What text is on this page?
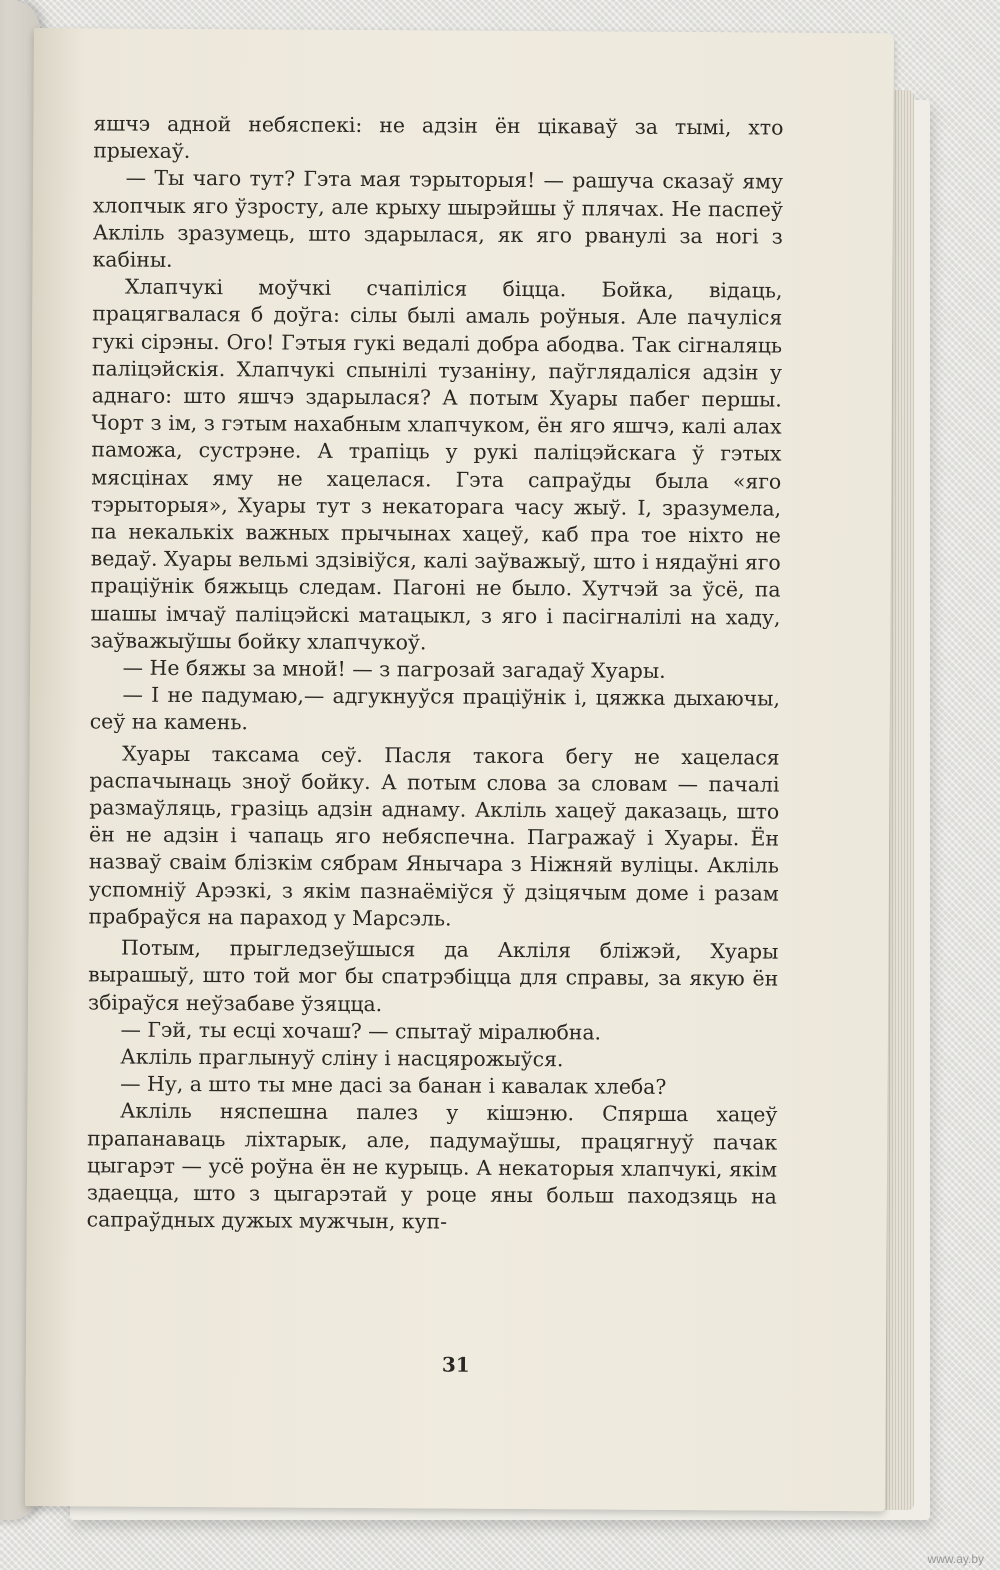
яшчэ адной небяспекі: не адзін ён цікаваў за тымі, хто прыехаў.

— Ты чаго тут? Гэта мая тэрыторыя! — рашуча сказаў яму хлопчык яго ўзросту, але крыху шырэйшы ў плячах. Не паспеў Акліль зразумець, што здарылася, як яго рванулі за ногі з кабіны.

Хлапчукі моўчкі счапіліся біцца. Бойка, відаць, працягвалася б доўга: сілы былі амаль роўныя. Але пачуліся гукі сірэны. Ого! Гэтыя гукі ведалі добра абодва. Так сігналяць паліцэйскія. Хлапчукі спынілі тузаніну, паўглядаліся адзін у аднаго: што яшчэ здарылася? А потым Хуары пабег першы. Чорт з ім, з гэтым нахабным хлапчуком, ён яго яшчэ, калі алах паможа, сустрэне. А трапіць у рукі паліцэйскага ў гэтых мясцінах яму не хацелася. Гэта сапраўды была «яго тэрыторыя», Хуары тут з некаторага часу жыў. І, зразумела, па некалькіх важных прычынах хацеў, каб пра тое ніхто не ведаў. Хуары вельмі здзівіўся, калі заўважыў, што і нядаўні яго праціўнік бяжыць следам. Пагоні не было. Хутчэй за ўсё, па шашы імчаў паліцэйскі матацыкл, з яго і пасігналілі на хаду, заўважыўшы бойку хлапчукоў.

— Не бяжы за мной! — з пагрозай загадаў Хуары.

— І не падумаю,— адгукнуўся праціўнік і, цяжка дыхаючы, сеў на камень.

Хуары таксама сеў. Пасля такога бегу не хацелася распачынаць зноў бойку. А потым слова за словам — пачалі размаўляць, гразіць адзін аднаму. Акліль хацеў даказаць, што ён не адзін і чапаць яго небяспечна. Пагражаў і Хуары. Ён назваў сваім блізкім сябрам Янычара з Ніжняй вуліцы. Акліль успомніў Арэзкі, з якім пазнаёміўся ў дзіцячым доме і разам прабраўся на параход у Марсэль.

Потым, прыгледзеўшыся да Акліля бліжэй, Хуары вырашыў, што той мог бы спатрэбіцца для справы, за якую ён збіраўся неўзабаве ўзяцца.

— Гэй, ты есці хочаш? — спытаў міралюбна.

Акліль праглынуў сліну і насцярожыўся.

— Ну, а што ты мне дасі за банан і кавалак хлеба?

Акліль няспешна палез у кішэню. Спярша хацеў прапанаваць ліхтарык, але, падумаўшы, працягнуў пачак цыгарэт — усё роўна ён не курыць. А некаторыя хлапчукі, якім здаецца, што з цыгарэтай у роце яны больш паходзяць на сапраўдных дужых мужчын, куп-

31
www.ay.by
